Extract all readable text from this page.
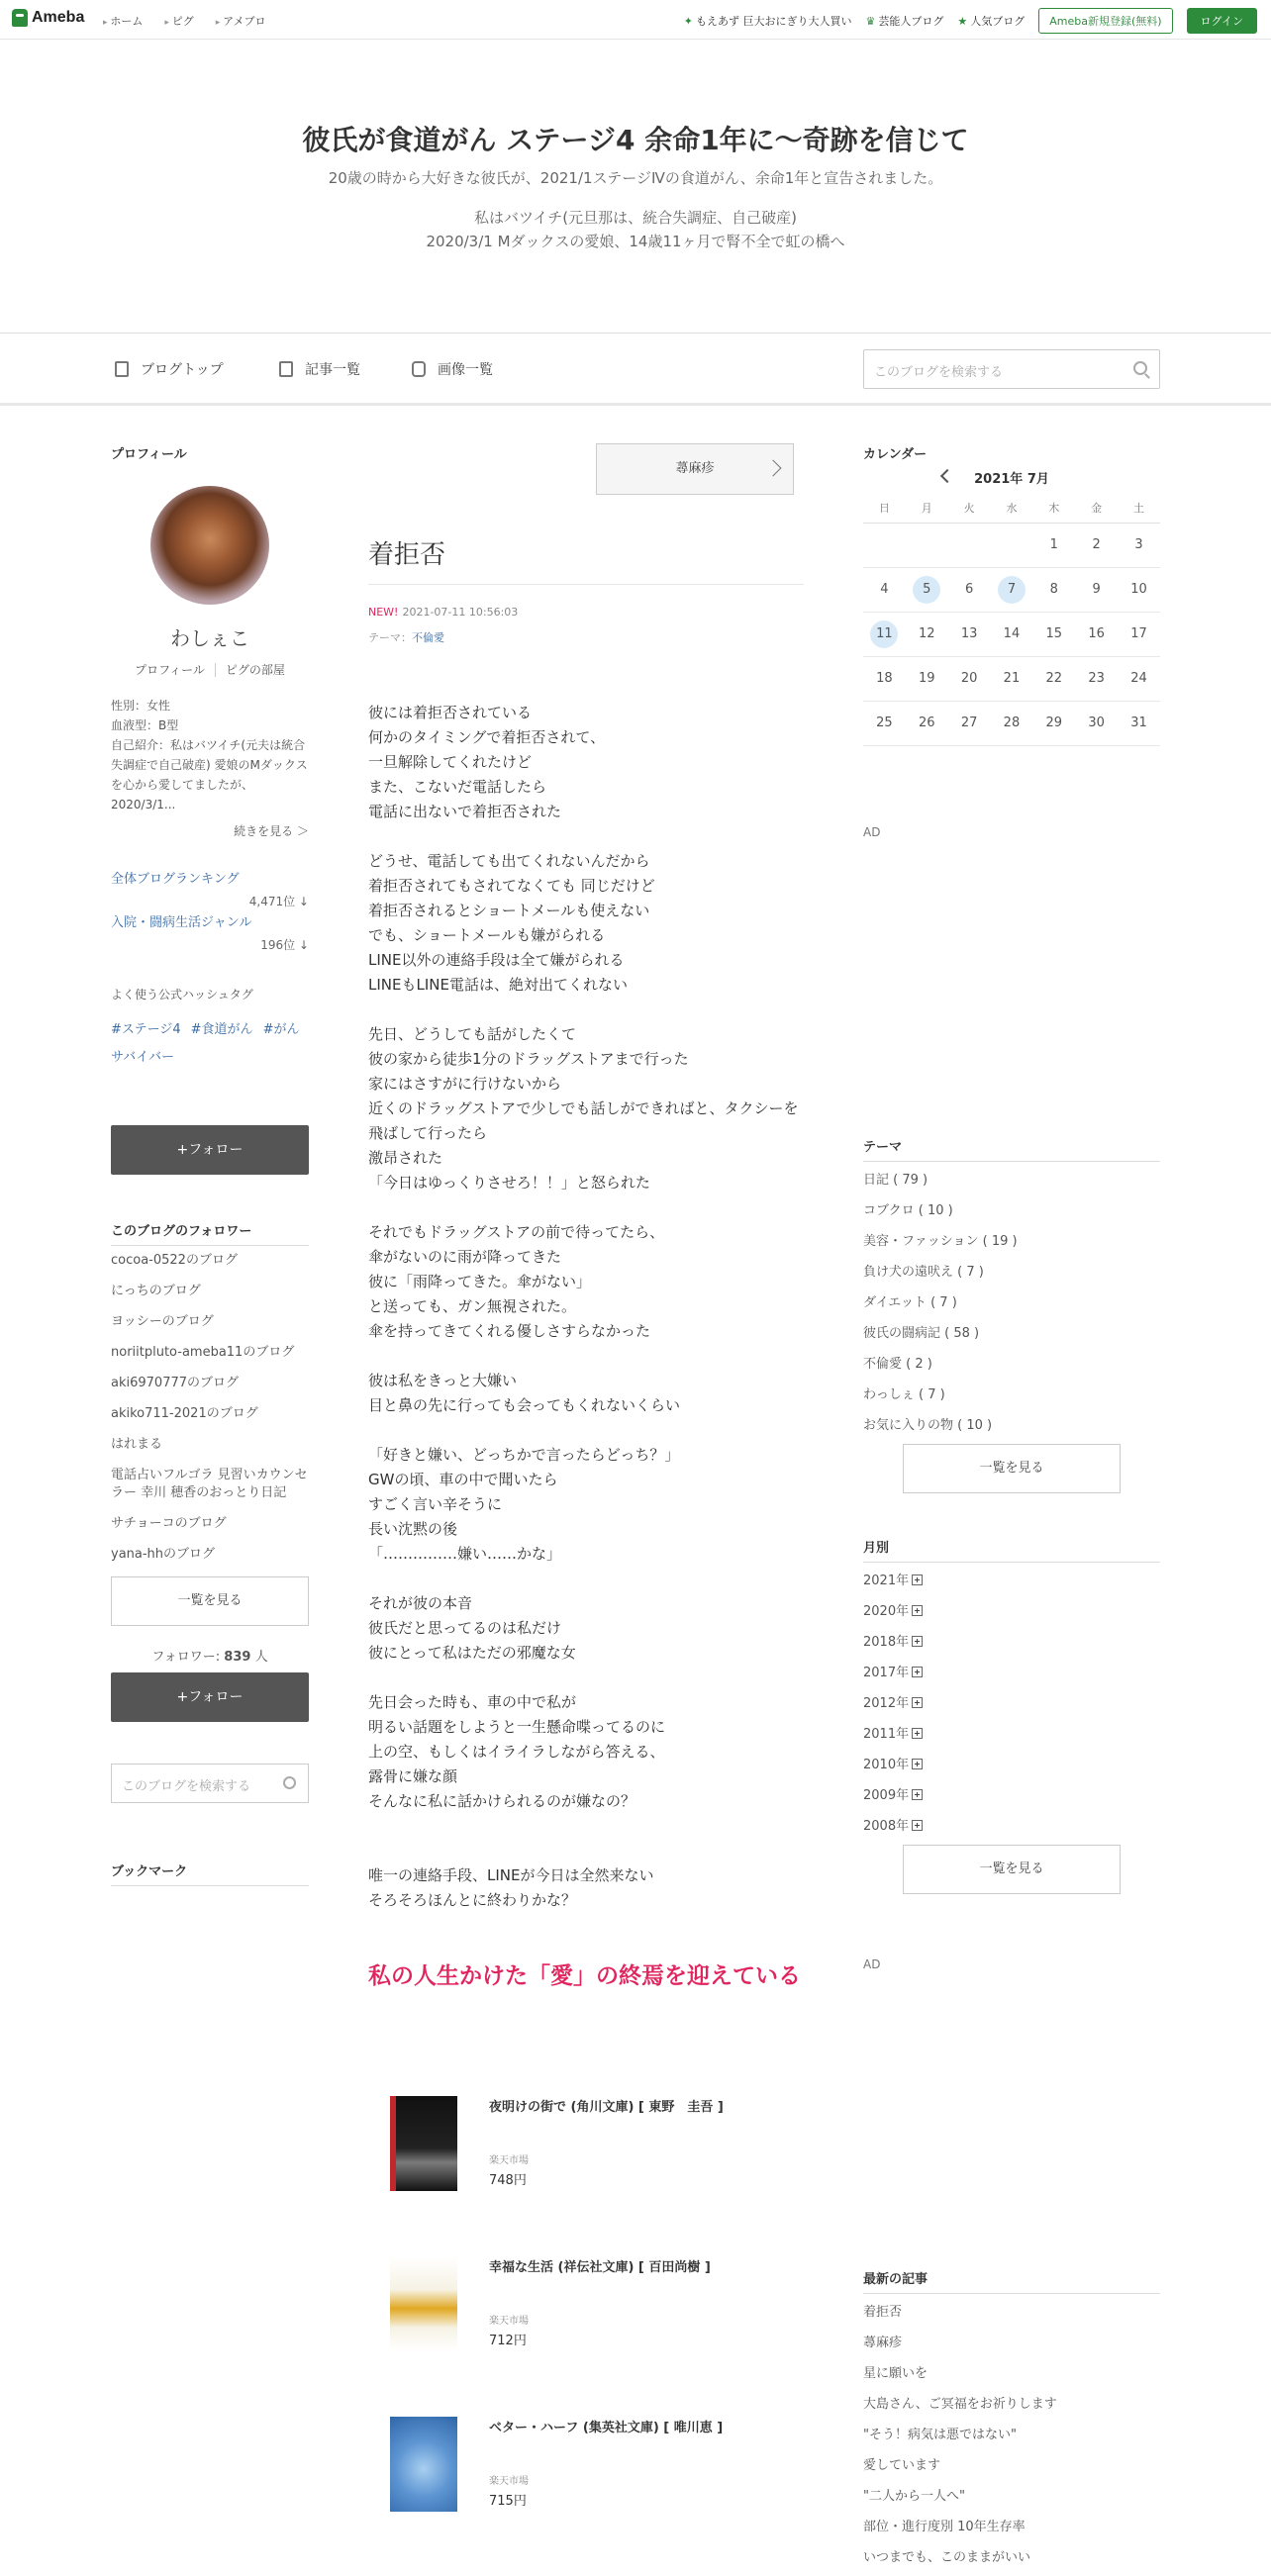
Ameba	▸ ホーム	▸ ピグ	▸ アメブロ	✦ もえあず 巨大おにぎり大人買い ♛ 芸能人ブログ ★ 人気ブログ	Ameba新規登録(無料)	ログイン
彼氏が食道がん ステージ4 余命1年に～奇跡を信じて
20歳の時から大好きな彼氏が、2021/1ステージⅣの食道がん、余命1年と宣告されました。
私はバツイチ(元旦那は、統合失調症、自己破産)
2020/3/1 Mダックスの愛娘、14歳11ヶ月で腎不全で虹の橋へ
ブログトップ	記事一覧	画像一覧	このブログを検索する
プロフィール
わしぇこ
プロフィール ピグの部屋
性別：女性
血液型：B型
自己紹介：私はバツイチ(元夫は統合失調症で自己破産) 愛娘のMダックスを心から愛してましたが、2020/3/1...
続きを見る ＞
全体ブログランキング
4,471位 ↓
入院・闘病生活ジャンル
196位 ↓
よく使う公式ハッシュタグ
#ステージ4 #食道がん #がんサバイバー
+フォロー
このブログのフォロワー
cocoa-0522のブログ
にっちのブログ
ヨッシーのブログ
noriitpluto-ameba11のブログ
aki6970777のブログ
akiko711-2021のブログ
はれまる
電話占いフルゴラ 見習いカウンセラー 幸川 穂香のおっとり日記
サチョーコのブログ
yana-hhのブログ
一覧を見る
フォロワー: 839 人
+フォロー
このブログを検索する
ブックマーク
蕁麻疹
着拒否
NEW! 2021-07-11 10:56:03
テーマ：不倫愛
彼には着拒否されている
何かのタイミングで着拒否されて、
一旦解除してくれたけど
また、こないだ電話したら
電話に出ないで着拒否された

どうせ、電話しても出てくれないんだから
着拒否されてもされてなくても 同じだけど
着拒否されるとショートメールも使えない
でも、ショートメールも嫌がられる
LINE以外の連絡手段は全て嫌がられる
LINEもLINE電話は、絶対出てくれない

先日、どうしても話がしたくて
彼の家から徒歩1分のドラッグストアまで行った
家にはさすがに行けないから
近くのドラッグストアで少しでも話しができればと、タクシーを飛ばして行ったら
激昂された
「今日はゆっくりさせろ！！」と怒られた

それでもドラッグストアの前で待ってたら、
傘がないのに雨が降ってきた
彼に「雨降ってきた。傘がない」
と送っても、ガン無視された。
傘を持ってきてくれる優しさすらなかった

彼は私をきっと大嫌い
目と鼻の先に行っても会ってもくれないくらい

「好きと嫌い、どっちかで言ったらどっち？」
GWの頃、車の中で聞いたら
すごく言い辛そうに
長い沈黙の後
「……………嫌い……かな」

それが彼の本音
彼氏だと思ってるのは私だけ
彼にとって私はただの邪魔な女

先日会った時も、車の中で私が
明るい話題をしようと一生懸命喋ってるのに
上の空、もしくはイライラしながら答える、
露骨に嫌な顔
そんなに私に話かけられるのが嫌なの？

唯一の連絡手段、LINEが今日は全然来ない
そろそろほんとに終わりかな？
私の人生かけた「愛」の終焉を迎えている
夜明けの街で (角川文庫) [ 東野　圭吾 ]
楽天市場
748円
幸福な生活 (祥伝社文庫) [ 百田尚樹 ]
楽天市場
712円
ベター・ハーフ (集英社文庫) [ 唯川恵 ]
楽天市場
715円
カレンダー
2021年 7月
日	月	火	水	木	金	土
				1	2	3
4	5	6	7	8	9	10
11	12	13	14	15	16	17
18	19	20	21	22	23	24
25	26	27	28	29	30	31
AD
テーマ
日記 ( 79 )
コブクロ ( 10 )
美容・ファッション ( 19 )
負け犬の遠吠え ( 7 )
ダイエット ( 7 )
彼氏の闘病記 ( 58 )
不倫愛 ( 2 )
わっしぇ ( 7 )
お気に入りの物 ( 10 )
一覧を見る
月別
2021年
2020年
2018年
2017年
2012年
2011年
2010年
2009年
2008年
一覧を見る
AD
最新の記事
着拒否
蕁麻疹
星に願いを
大島さん、ご冥福をお祈りします
"そう！病気は悪ではない"
愛しています
"二人から一人へ"
部位・進行度別 10年生存率
いつまでも、このままがいい
